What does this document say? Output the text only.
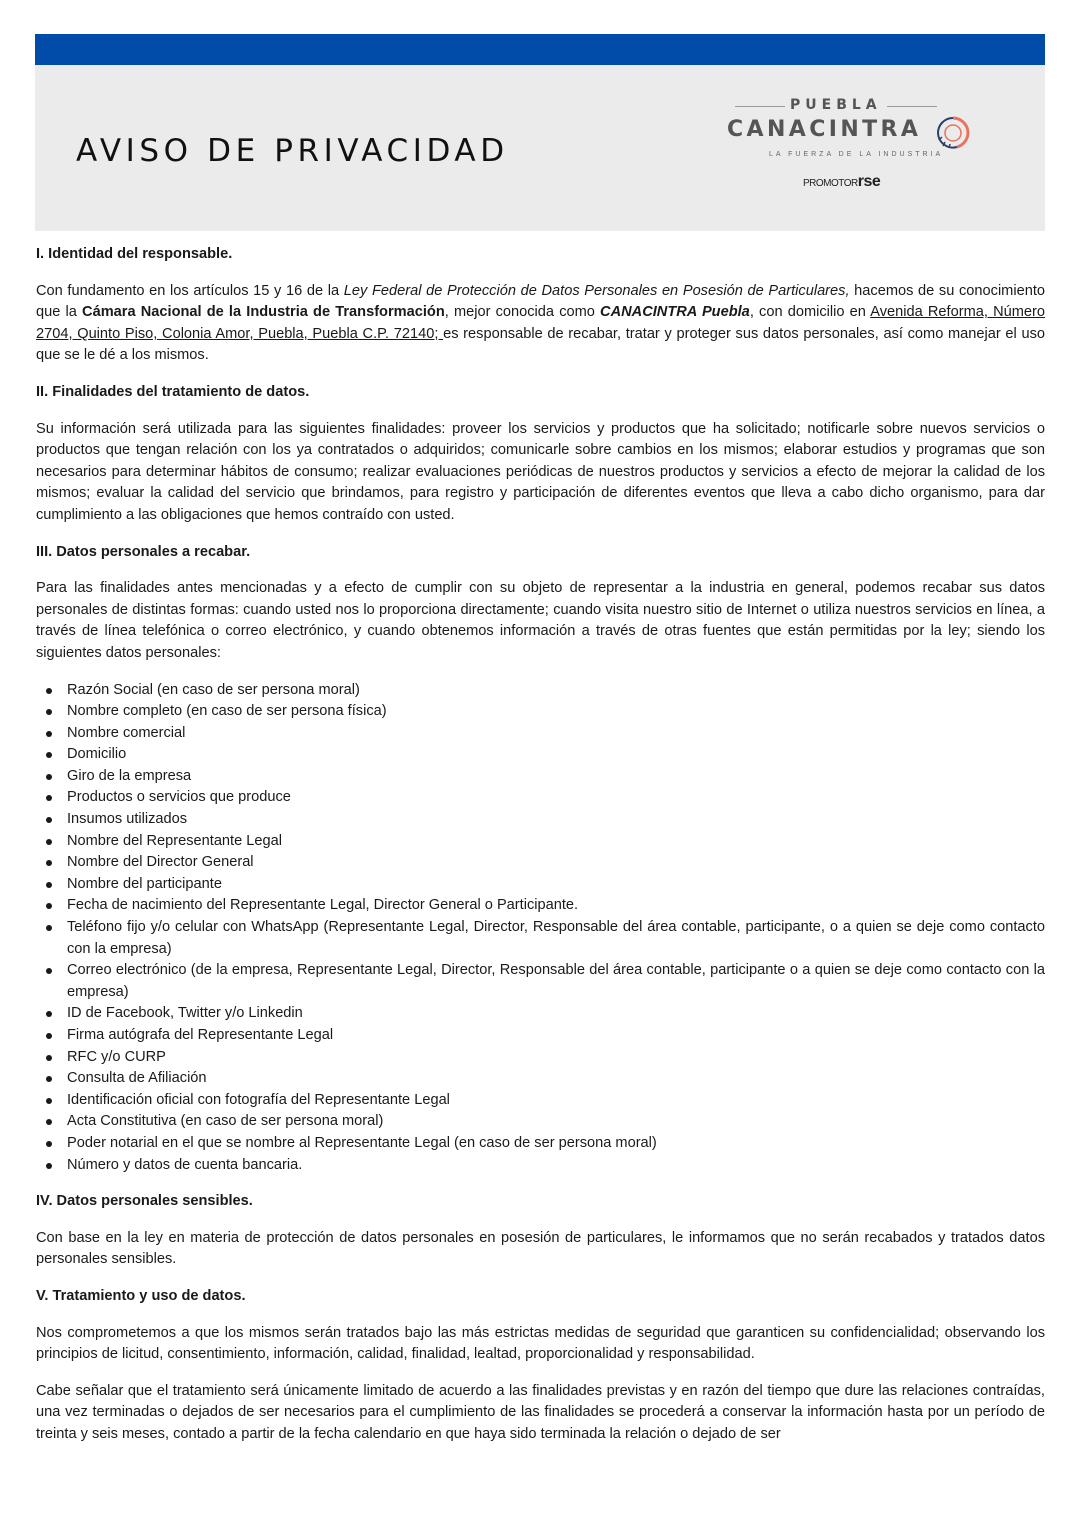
AVISO DE PRIVACIDAD
PUEBLA
CANACINTRA
LA FUERZA DE LA INDUSTRIA
PROMOTORrse
I. Identidad del responsable.

Con fundamento en los artículos 15 y 16 de la Ley Federal de Protección de Datos Personales en Posesión de Particulares, hacemos de su conocimiento que la Cámara Nacional de la Industria de Transformación, mejor conocida como CANACINTRA Puebla, con domicilio en Avenida Reforma, Número 2704, Quinto Piso, Colonia Amor, Puebla, Puebla C.P. 72140; es responsable de recabar, tratar y proteger sus datos personales, así como manejar el uso que se le dé a los mismos.

II. Finalidades del tratamiento de datos.

Su información será utilizada para las siguientes finalidades: proveer los servicios y productos que ha solicitado; notificarle sobre nuevos servicios o productos que tengan relación con los ya contratados o adquiridos; comunicarle sobre cambios en los mismos; elaborar estudios y programas que son necesarios para determinar hábitos de consumo; realizar evaluaciones periódicas de nuestros productos y servicios a efecto de mejorar la calidad de los mismos; evaluar la calidad del servicio que brindamos, para registro y participación de diferentes eventos que lleva a cabo dicho organismo, para dar cumplimiento a las obligaciones que hemos contraído con usted.

III. Datos personales a recabar.

Para las finalidades antes mencionadas y a efecto de cumplir con su objeto de representar a la industria en general, podemos recabar sus datos personales de distintas formas: cuando usted nos lo proporciona directamente; cuando visita nuestro sitio de Internet o utiliza nuestros servicios en línea, a través de línea telefónica o correo electrónico, y cuando obtenemos información a través de otras fuentes que están permitidas por la ley; siendo los siguientes datos personales:

Razón Social (en caso de ser persona moral)
Nombre completo (en caso de ser persona física)
Nombre comercial
Domicilio
Giro de la empresa
Productos o servicios que produce
Insumos utilizados
Nombre del Representante Legal
Nombre del Director General
Nombre del participante
Fecha de nacimiento del Representante Legal, Director General o Participante.
Teléfono fijo y/o celular con WhatsApp (Representante Legal, Director, Responsable del área contable, participante, o a quien se deje como contacto con la empresa)
Correo electrónico (de la empresa, Representante Legal, Director, Responsable del área contable, participante o a quien se deje como contacto con la empresa)
ID de Facebook, Twitter y/o Linkedin
Firma autógrafa del Representante Legal
RFC y/o CURP
Consulta de Afiliación
Identificación oficial con fotografía del Representante Legal
Acta Constitutiva (en caso de ser persona moral)
Poder notarial en el que se nombre al Representante Legal (en caso de ser persona moral)
Número y datos de cuenta bancaria.
IV. Datos personales sensibles.

Con base en la ley en materia de protección de datos personales en posesión de particulares, le informamos que no serán recabados y tratados datos personales sensibles.

V. Tratamiento y uso de datos.

Nos comprometemos a que los mismos serán tratados bajo las más estrictas medidas de seguridad que garanticen su confidencialidad; observando los principios de licitud, consentimiento, información, calidad, finalidad, lealtad, proporcionalidad y responsabilidad.

Cabe señalar que el tratamiento será únicamente limitado de acuerdo a las finalidades previstas y en razón del tiempo que dure las relaciones contraídas, una vez terminadas o dejados de ser necesarios para el cumplimiento de las finalidades se procederá a conservar la información hasta por un período de treinta y seis meses, contado a partir de la fecha calendario en que haya sido terminada la relación o dejado de ser
